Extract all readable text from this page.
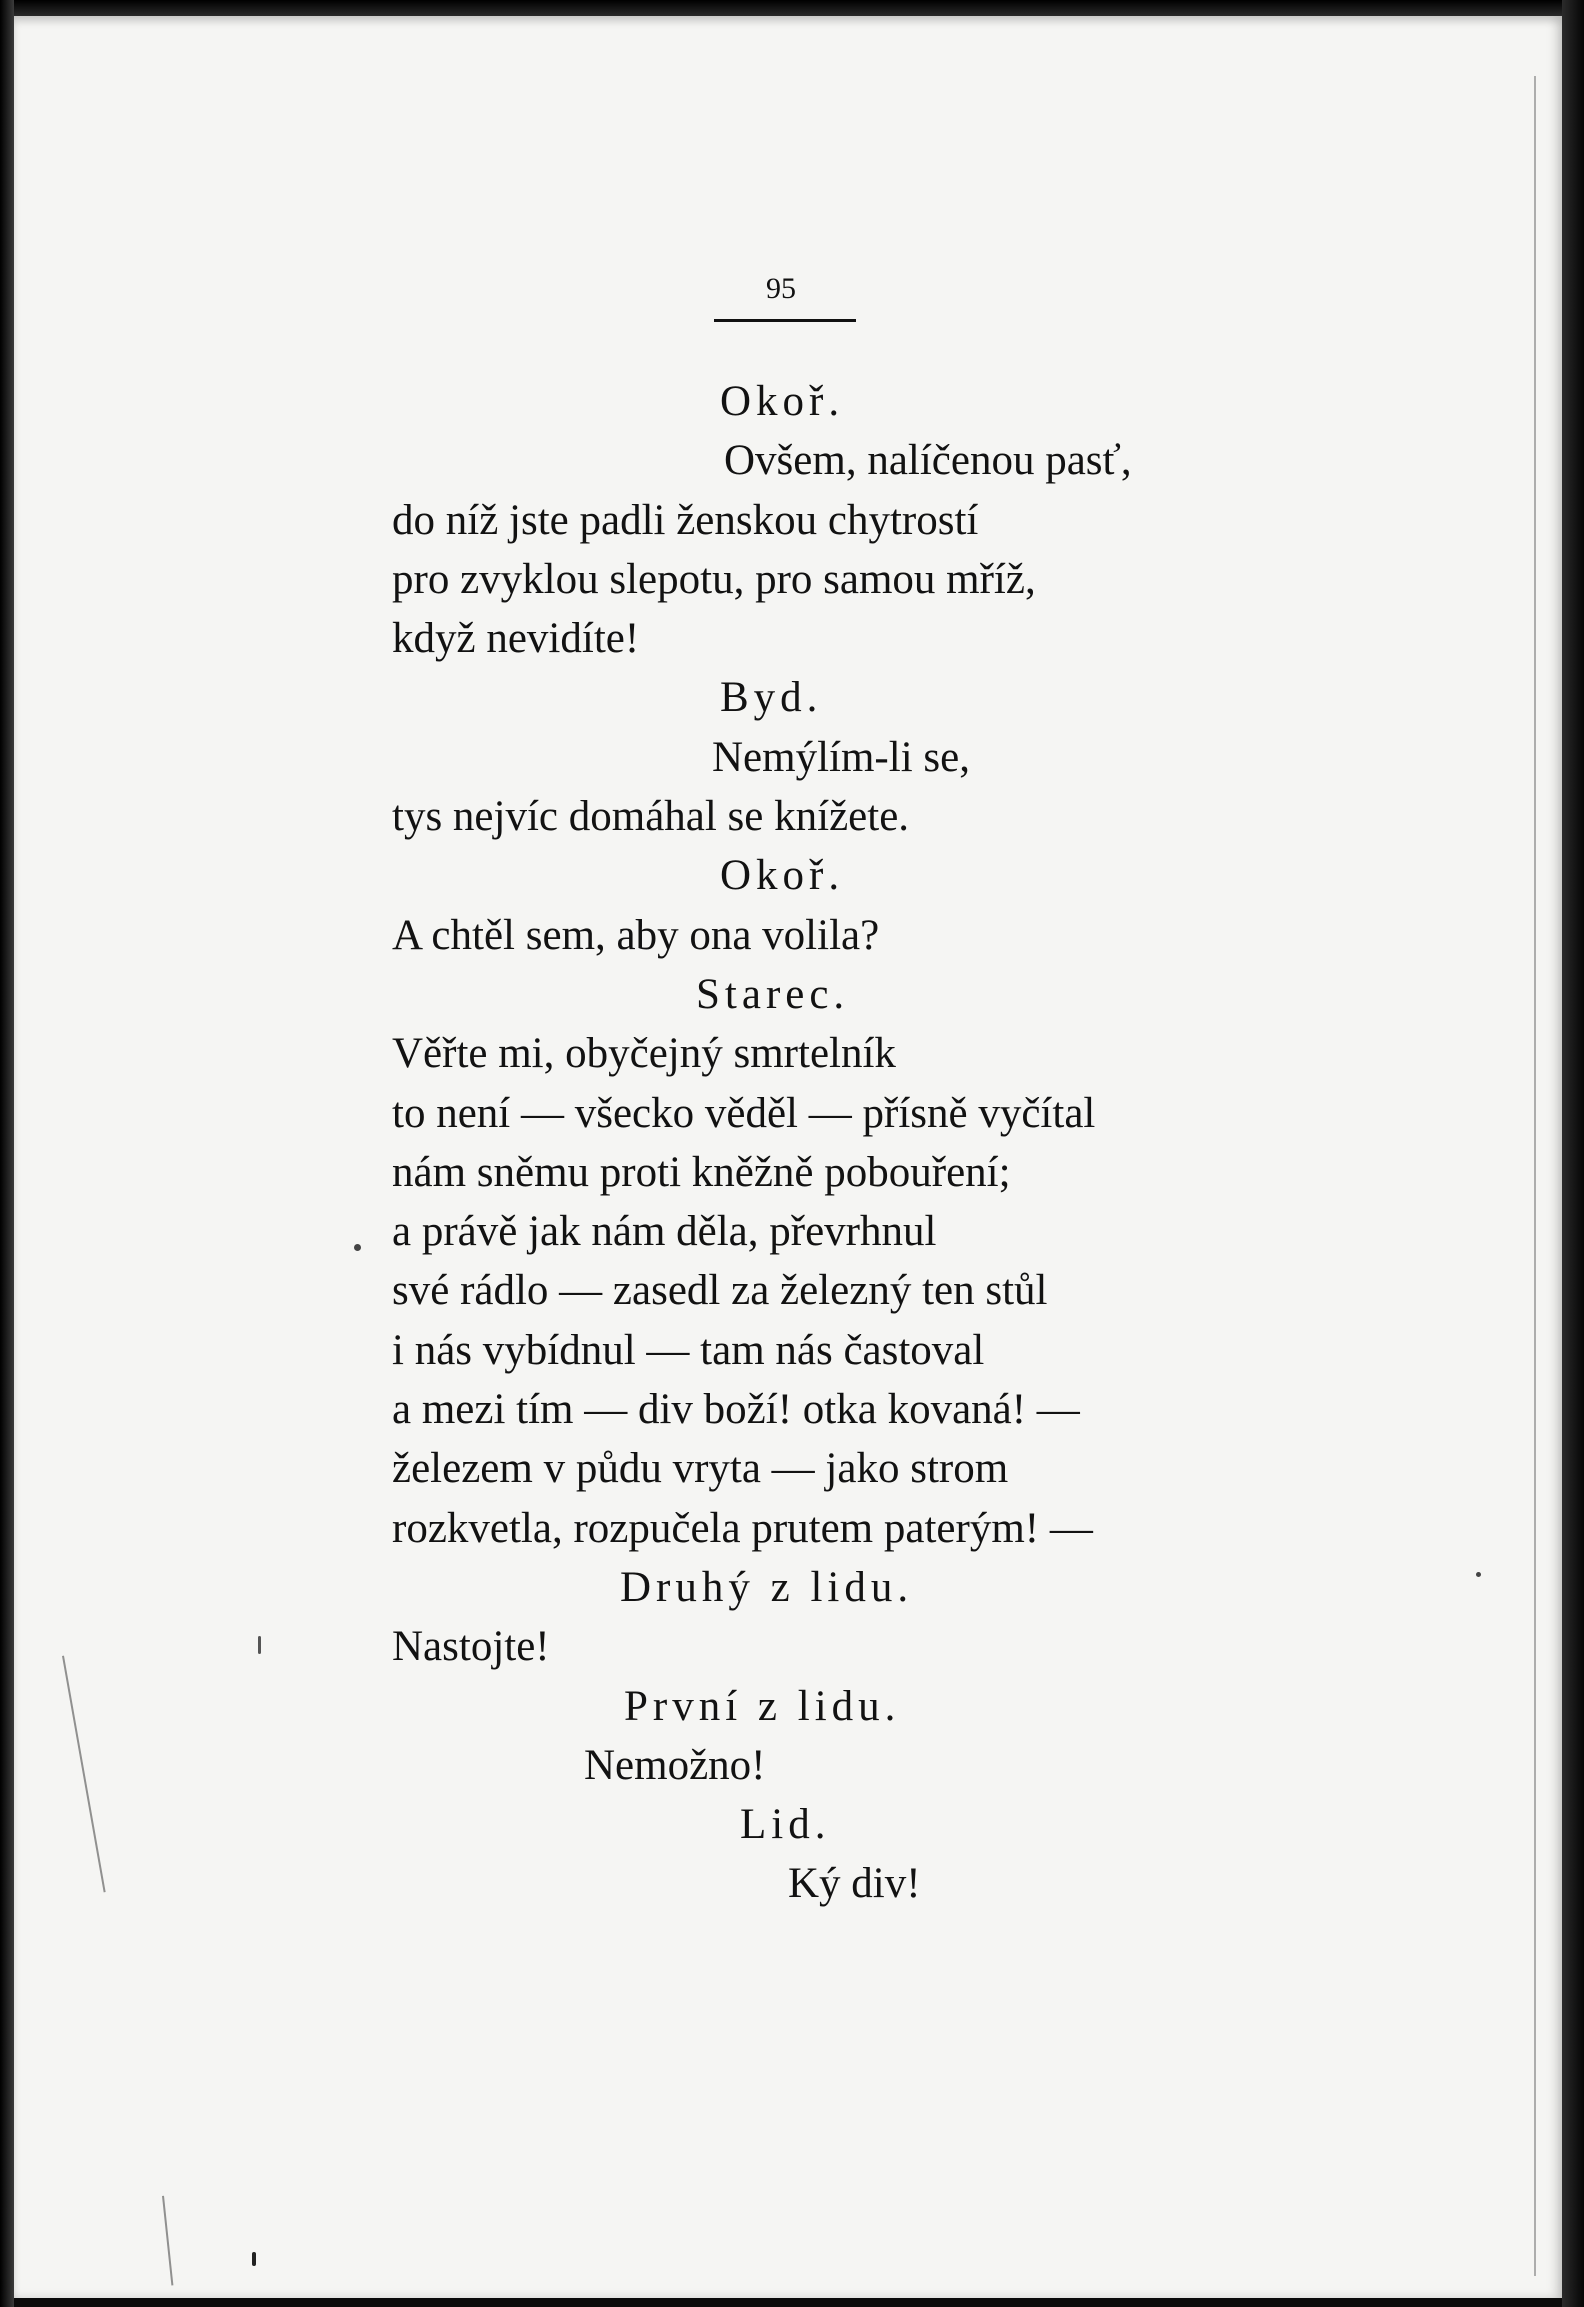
95
Okoř.
Ovšem, nalíčenou pasť,
do níž jste padli ženskou chytrostí
pro zvyklou slepotu, pro samou mříž,
když nevidíte!
Byd.
Nemýlím-li se,
tys nejvíc domáhal se knížete.
Okoř.
A chtěl sem, aby ona volila?
Starec.
Věřte mi, obyčejný smrtelník
to není — všecko věděl — přísně vyčítal
nám sněmu proti kněžně pobouření;
a právě jak nám děla, převrhnul
své rádlo — zasedl za železný ten stůl
i nás vybídnul — tam nás častoval
a mezi tím — div boží! otka kovaná! —
železem v půdu vryta — jako strom
rozkvetla, rozpučela prutem paterým! —
Druhý z lidu.
Nastojte!
První z lidu.
Nemožno!
Lid.
Ký div!
